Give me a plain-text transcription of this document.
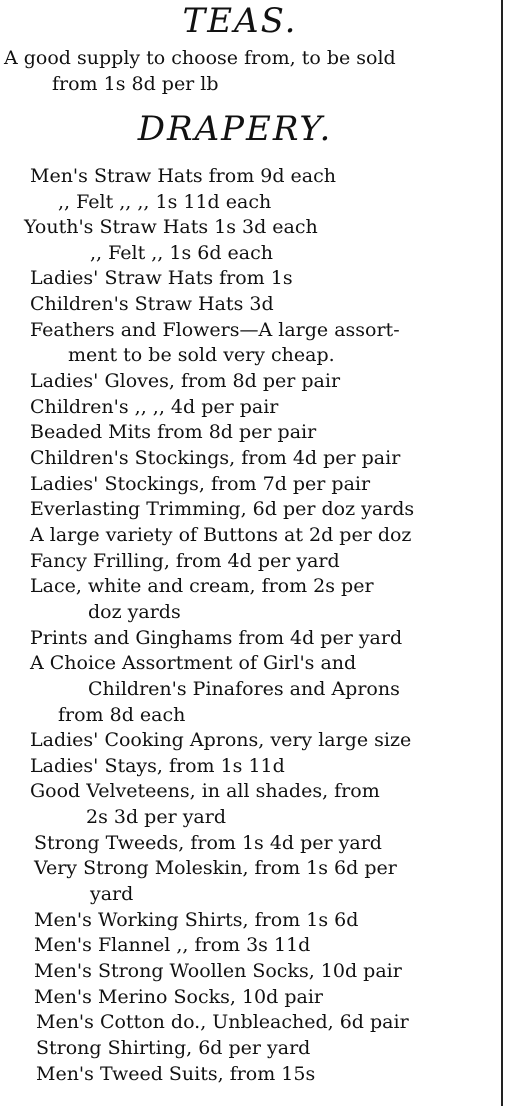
TEAS.
A good supply to choose from, to be sold
from 1s 8d per lb
DRAPERY.
Men's Straw Hats from 9d each
,, Felt ,, ,, 1s 11d each
Youth's Straw Hats 1s 3d each
,, Felt ,, 1s 6d each
Ladies' Straw Hats from 1s
Children's Straw Hats 3d
Feathers and Flowers—A large assort-
ment to be sold very cheap.
Ladies' Gloves, from 8d per pair
Children's ,, ,, 4d per pair
Beaded Mits from 8d per pair
Children's Stockings, from 4d per pair
Ladies' Stockings, from 7d per pair
Everlasting Trimming, 6d per doz yards
A large variety of Buttons at 2d per doz
Fancy Frilling, from 4d per yard
Lace, white and cream, from 2s per
doz yards
Prints and Ginghams from 4d per yard
A Choice Assortment of Girl's and
Children's Pinafores and Aprons
from 8d each
Ladies' Cooking Aprons, very large size
Ladies' Stays, from 1s 11d
Good Velveteens, in all shades, from
2s 3d per yard
Strong Tweeds, from 1s 4d per yard
Very Strong Moleskin, from 1s 6d per
yard
Men's Working Shirts, from 1s 6d
Men's Flannel ,, from 3s 11d
Men's Strong Woollen Socks, 10d pair
Men's Merino Socks, 10d pair
Men's Cotton do., Unbleached, 6d pair
Strong Shirting, 6d per yard
Men's Tweed Suits, from 15s
